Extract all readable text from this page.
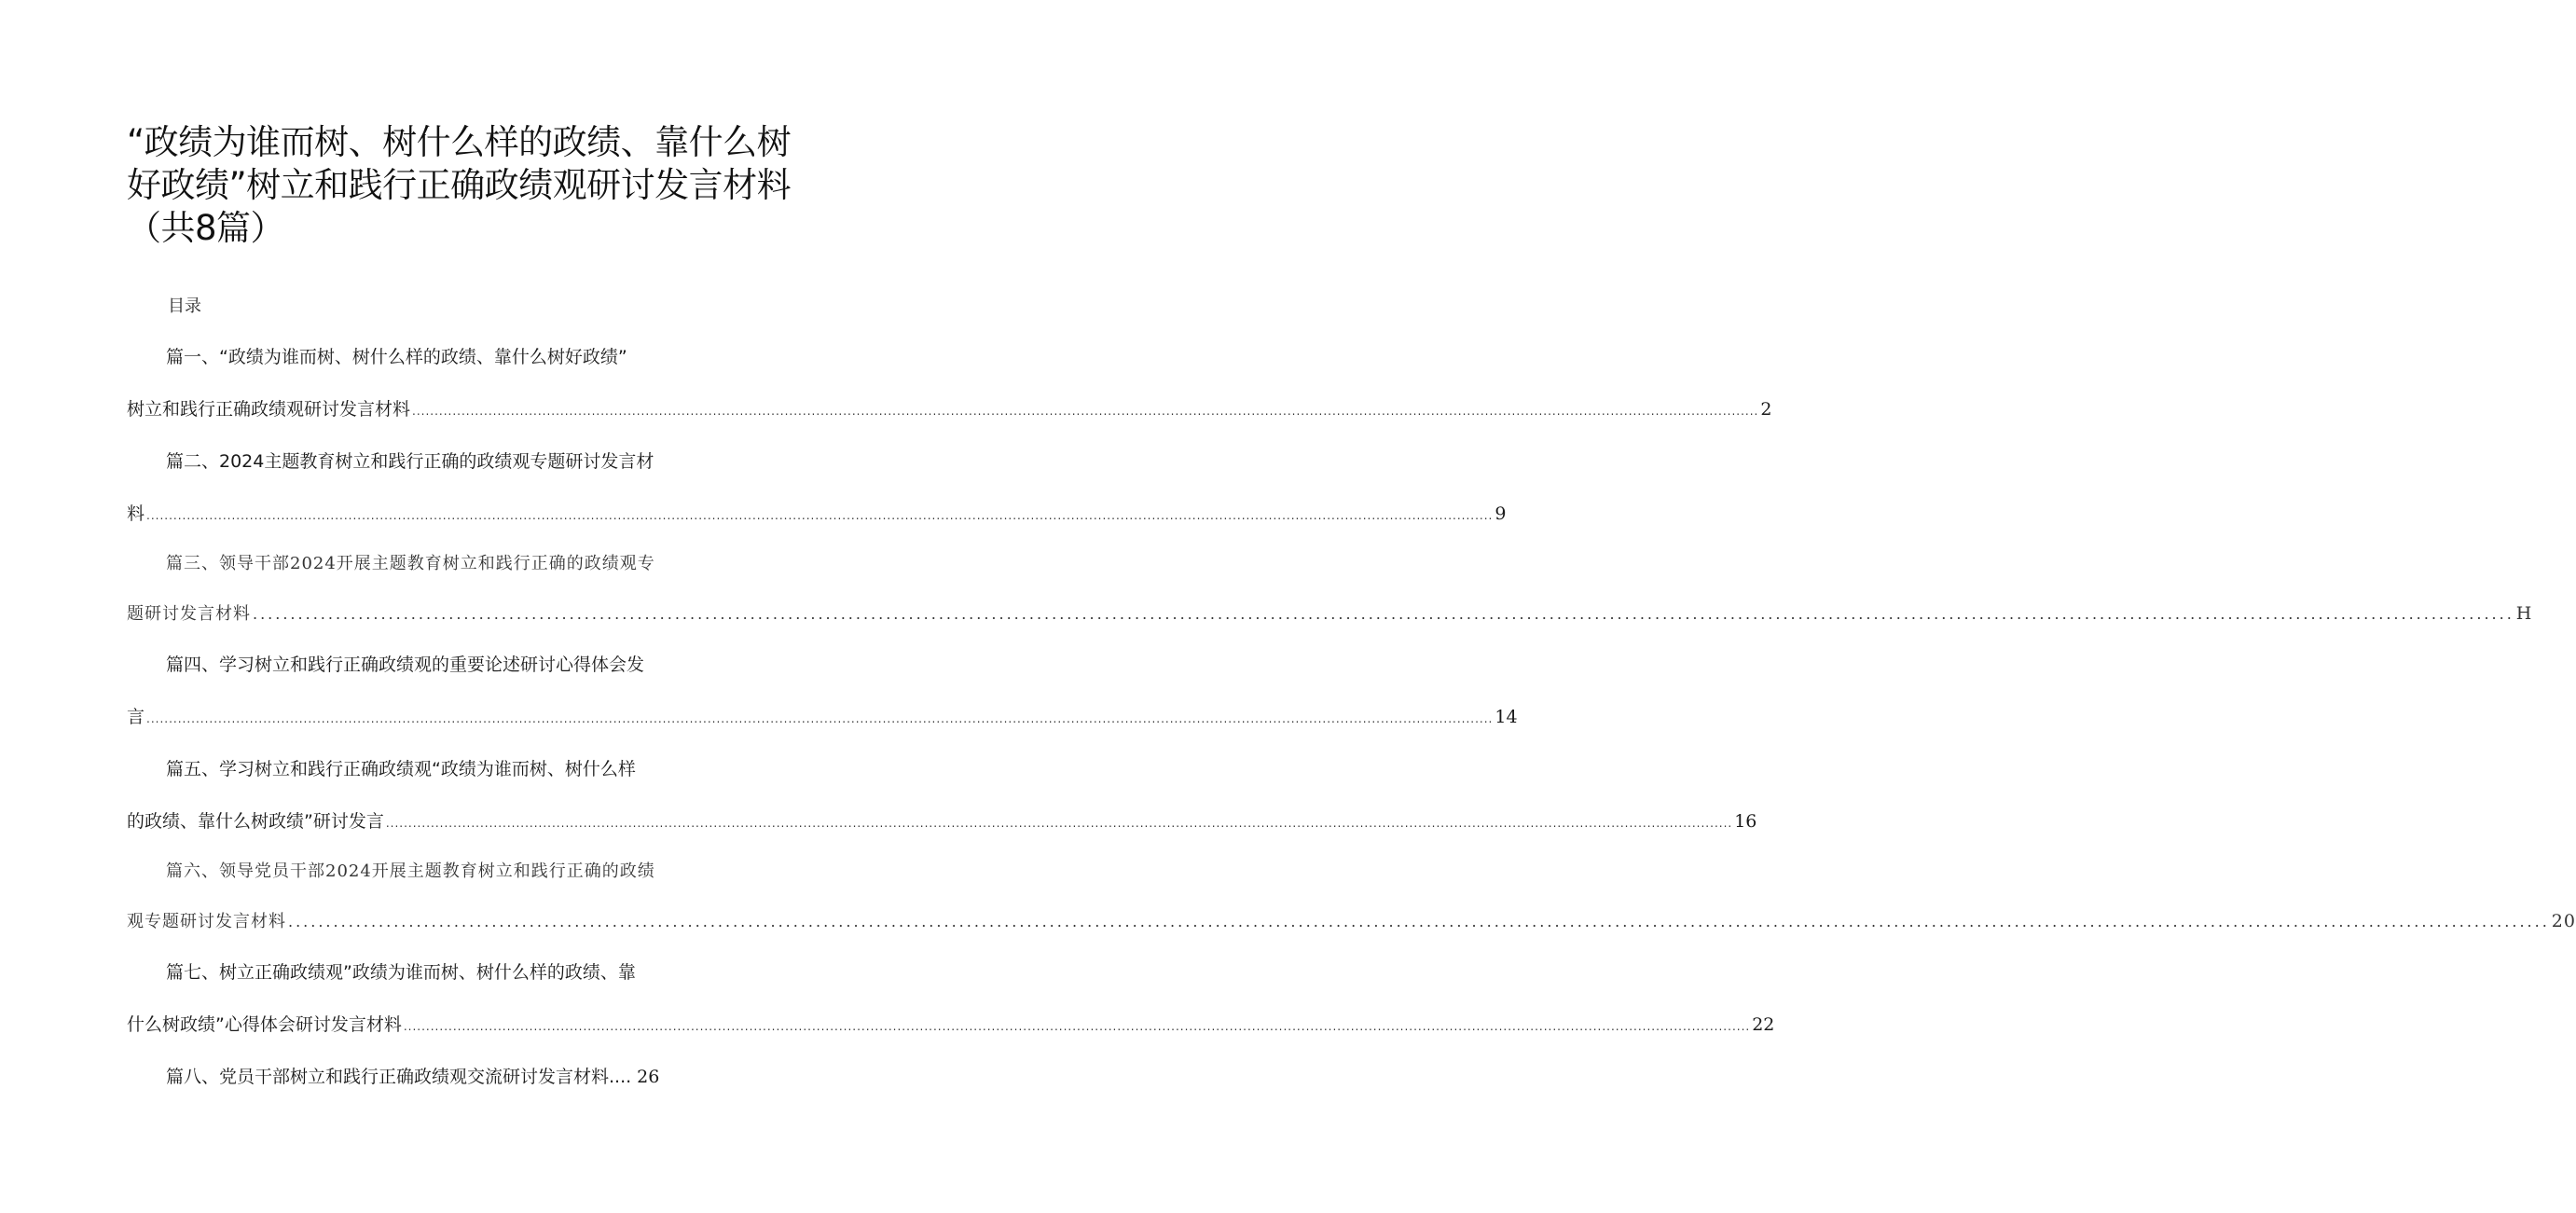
“政绩为谁而树、树什么样的政绩、靠什么树
好政绩”树立和践行正确政绩观研讨发言材料
（共8篇）
目录
篇一、“政绩为谁而树、树什么样的政绩、靠什么树好政绩”
树立和践行正确政绩观研讨发言材料 ............................................................................................................................................................................................................................................................................................................ 2
篇二、2024主题教育树立和践行正确的政绩观专题研讨发言材
料 ............................................................................................................................................................................................................................................................................................................ 9
篇三、领导干部2024开展主题教育树立和践行正确的政绩观专
题研讨发言材料 ............................................................................................................................................................................................................................................................................................................ H
篇四、学习树立和践行正确政绩观的重要论述研讨心得体会发
言 ............................................................................................................................................................................................................................................................................................................ 14
篇五、学习树立和践行正确政绩观“政绩为谁而树、树什么样
的政绩、靠什么树政绩”研讨发言 ............................................................................................................................................................................................................................................................................................................ 16
篇六、领导党员干部2024开展主题教育树立和践行正确的政绩
观专题研讨发言材料 ............................................................................................................................................................................................................................................................................................................ 20
篇七、树立正确政绩观”政绩为谁而树、树什么样的政绩、靠
什么树政绩”心得体会研讨发言材料 ............................................................................................................................................................................................................................................................................................................ 22
篇八、党员干部树立和践行正确政绩观交流研讨发言材料.... 26
